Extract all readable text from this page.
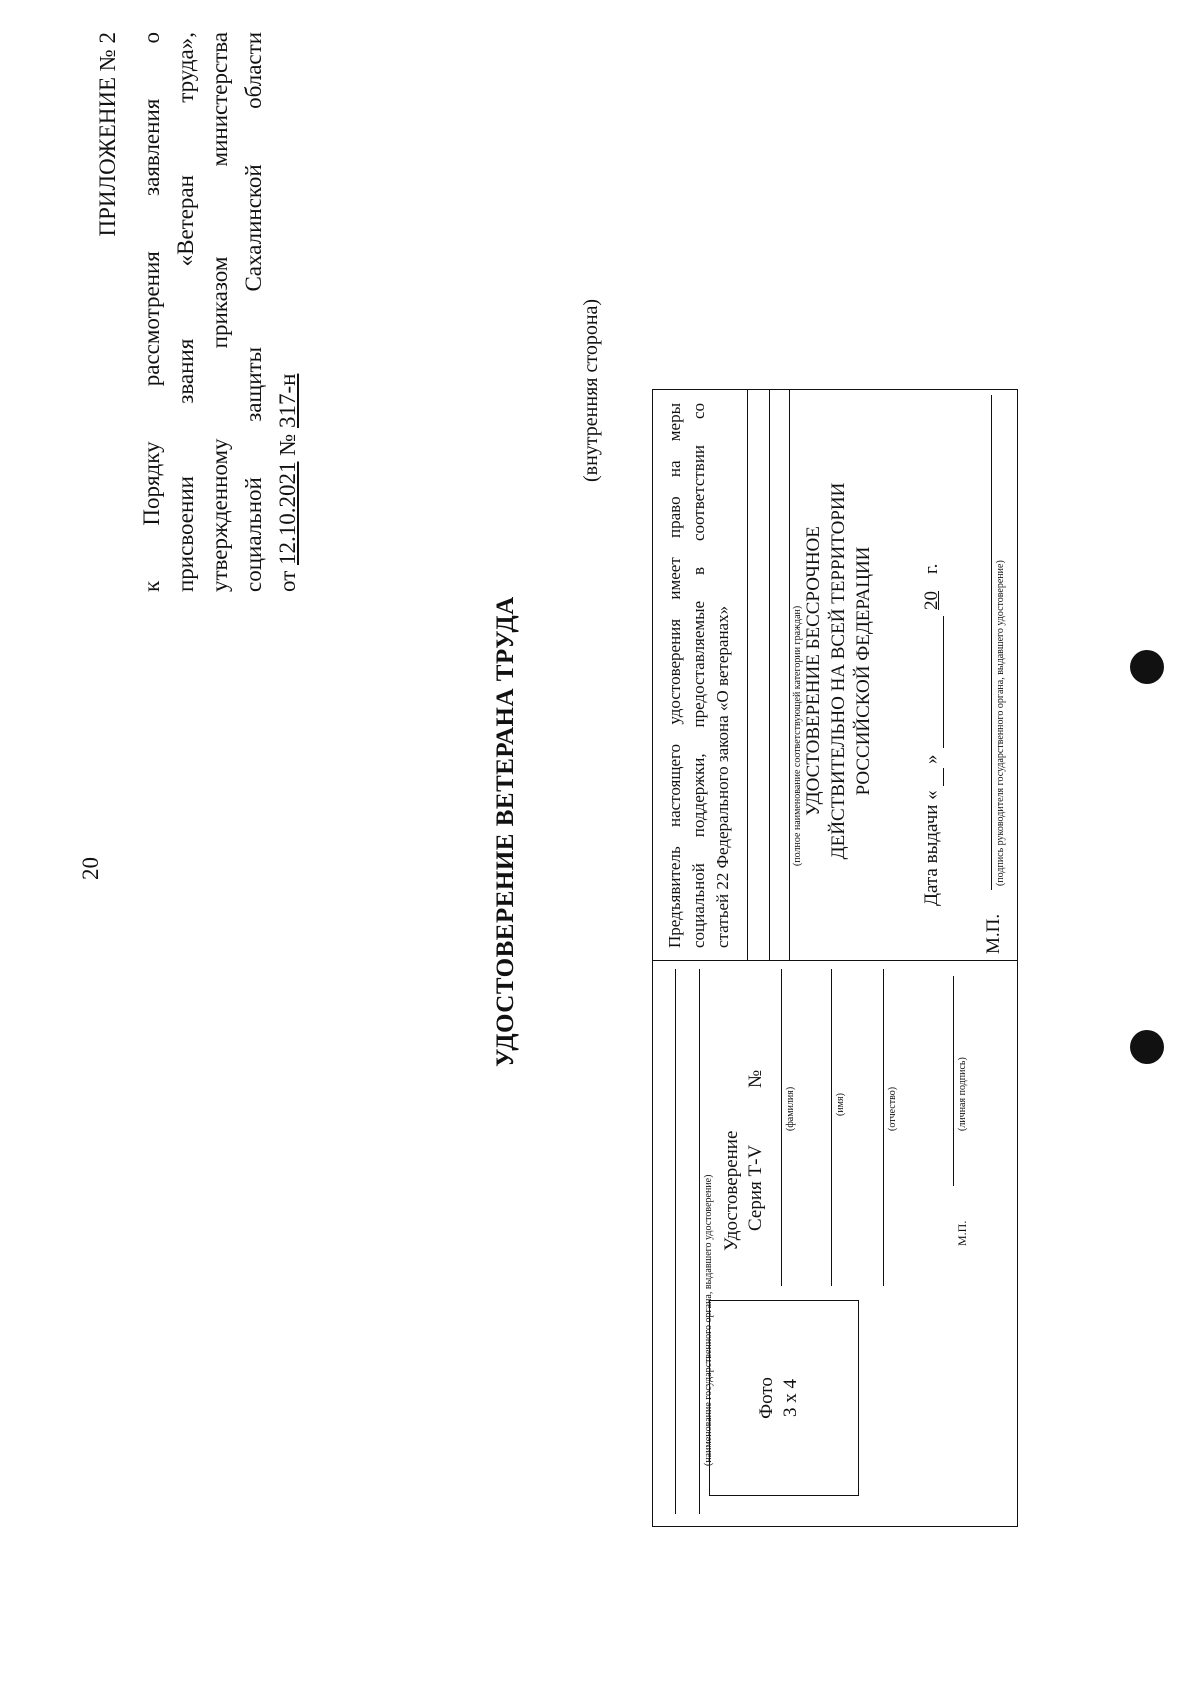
20
ПРИЛОЖЕНИЕ № 2 к Порядку рассмотрения заявления о присвоении звания «Ветеран труда», утвержденному приказом министерства социальной защиты Сахалинской области от 12.10.2021 № 317-н

УДОСТОВЕРЕНИЕ ВЕТЕРАНА ТРУДА
(внутренняя сторона)
Фото 3 х 4
(наименование государственного органа, выдавшего удостоверение) Удостоверение Серия Т-V
№
(фамилия)	(имя)	(отчество)
М.П.
(личная подпись)

Предъявитель настоящего удостоверения имеет право на меры социальной поддержки, предоставляемые в соответствии со статьей 22 Федерального закона «О ветеранах»	(полное наименование соответствующей категории граждан) УДОСТОВЕРЕНИЕ БЕССРОЧНОЕ ДЕЙСТВИТЕЛЬНО НА ВСЕЙ ТЕРРИТОРИИ РОССИЙСКОЙ ФЕДЕРАЦИИ
Дата выдачи «
»
20
г.
М.П.
(подпись руководителя государственного органа, выдавшего удостоверение)
